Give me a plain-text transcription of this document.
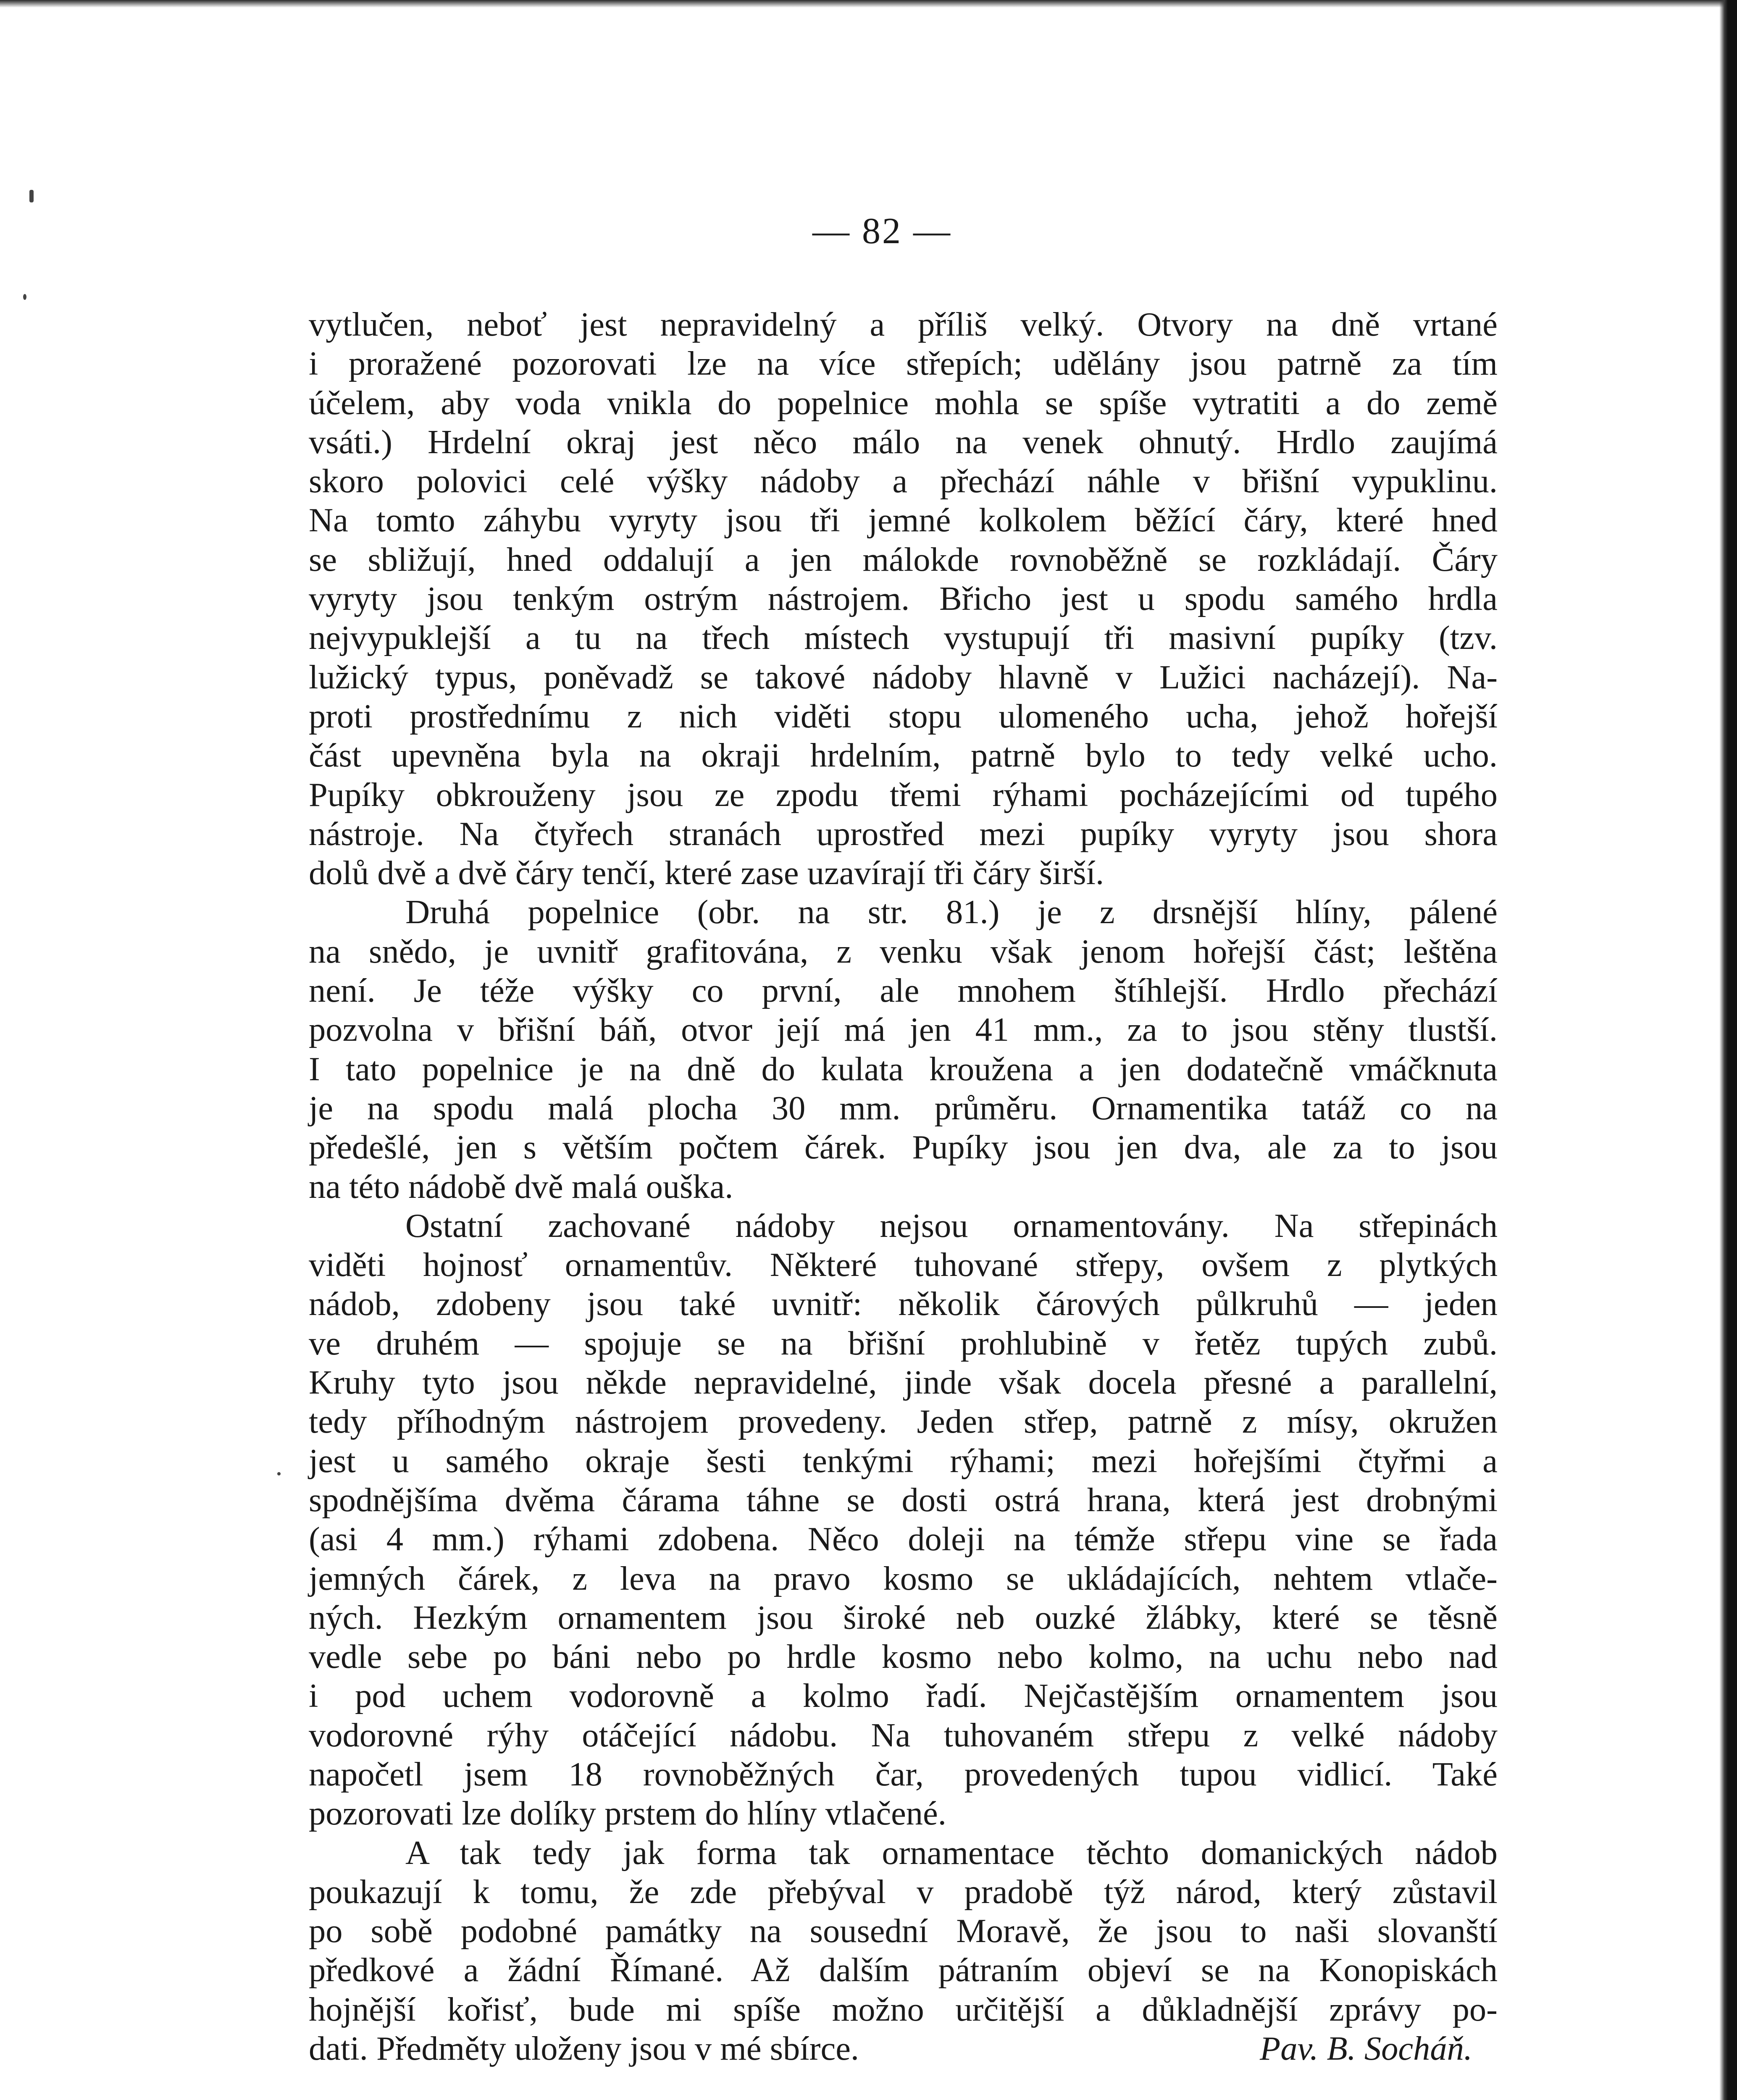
— 82 —
vytlučen, neboť jest nepravidelný a příliš velký. Otvory na dně vrtané
i proražené pozorovati lze na více střepích; udělány jsou patrně za tím
účelem, aby voda vnikla do popelnice mohla se spíše vytratiti a do země
vsáti.) Hrdelní okraj jest něco málo na venek ohnutý. Hrdlo zaujímá
skoro polovici celé výšky nádoby a přechází náhle v břišní vypuklinu.
Na tomto záhybu vyryty jsou tři jemné kolkolem běžící čáry, které hned
se sbližují, hned oddalují a jen málokde rovnoběžně se rozkládají. Čáry
vyryty jsou tenkým ostrým nástrojem. Břicho jest u spodu samého hrdla
nejvypuklejší a tu na třech místech vystupují tři masivní pupíky (tzv.
lužický typus, poněvadž se takové nádoby hlavně v Lužici nacházejí). Na-
proti prostřednímu z nich viděti stopu ulomeného ucha, jehož hořejší
část upevněna byla na okraji hrdelním, patrně bylo to tedy velké ucho.
Pupíky obkrouženy jsou ze zpodu třemi rýhami pocházejícími od tupého
nástroje. Na čtyřech stranách uprostřed mezi pupíky vyryty jsou shora
dolů dvě a dvě čáry tenčí, které zase uzavírají tři čáry širší.
Druhá popelnice (obr. na str. 81.) je z drsnější hlíny, pálené
na snědo, je uvnitř grafitována, z venku však jenom hořejší část; leštěna
není. Je téže výšky co první, ale mnohem štíhlejší. Hrdlo přechází
pozvolna v břišní báň, otvor její má jen 41 mm., za to jsou stěny tlustší.
I tato popelnice je na dně do kulata kroužena a jen dodatečně vmáčknuta
je na spodu malá plocha 30 mm. průměru. Ornamentika tatáž co na
předešlé, jen s větším počtem čárek. Pupíky jsou jen dva, ale za to jsou
na této nádobě dvě malá ouška.
Ostatní zachované nádoby nejsou ornamentovány. Na střepinách
viděti hojnosť ornamentův. Některé tuhované střepy, ovšem z plytkých
nádob, zdobeny jsou také uvnitř: několik čárových půlkruhů — jeden
ve druhém — spojuje se na břišní prohlubině v řetěz tupých zubů.
Kruhy tyto jsou někde nepravidelné, jinde však docela přesné a parallelní,
tedy příhodným nástrojem provedeny. Jeden střep, patrně z mísy, okružen
jest u samého okraje šesti tenkými rýhami; mezi hořejšími čtyřmi a
spodnějšíma dvěma čárama táhne se dosti ostrá hrana, která jest drobnými
(asi 4 mm.) rýhami zdobena. Něco doleji na témže střepu vine se řada
jemných čárek, z leva na pravo kosmo se ukládajících, nehtem vtlače-
ných. Hezkým ornamentem jsou široké neb ouzké žlábky, které se těsně
vedle sebe po báni nebo po hrdle kosmo nebo kolmo, na uchu nebo nad
i pod uchem vodorovně a kolmo řadí. Nejčastějším ornamentem jsou
vodorovné rýhy otáčející nádobu. Na tuhovaném střepu z velké nádoby
napočetl jsem 18 rovnoběžných čar, provedených tupou vidlicí. Také
pozorovati lze dolíky prstem do hlíny vtlačené.
A tak tedy jak forma tak ornamentace těchto domanických nádob
poukazují k tomu, že zde přebýval v pradobě týž národ, který zůstavil
po sobě podobné památky na sousední Moravě, že jsou to naši slovanští
předkové a žádní Římané. Až dalším pátraním objeví se na Konopiskách
hojnější kořisť, bude mi spíše možno určitější a důkladnější zprávy po-
dati. Předměty uloženy jsou v mé sbírce.	Pav. B. Socháň.
